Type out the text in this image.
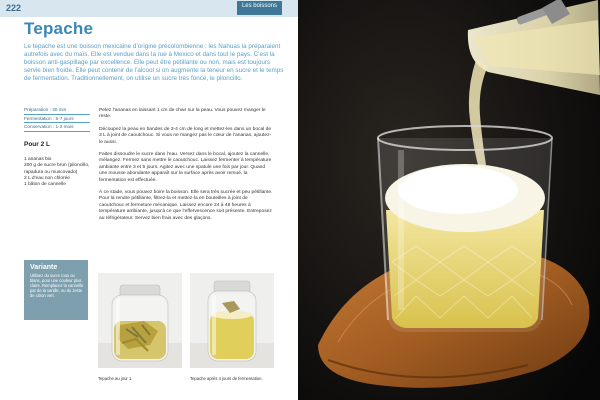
222	Les boissons
Tepache

Le tepache est une boisson mexicaine d’origine précolombienne : les Nahuas la préparaient autrefois avec du maïs. Elle est vendue dans la rue à Mexico et dans tout le pays. C’est la boisson anti-gaspillage par excellence. Elle peut être pétillante ou non, mais est toujours servie bien froide. Elle peut contenir de l’alcool si on augmente la teneur en sucre et le temps de fermentation. Traditionnellement, on utilise un sucre très foncé, le piloncillo.

Préparation : 30 min
Fermentation : 5-7 jours
Conservation : 1-2 mois
Pour 2 L
1 ananas bio
200 g de sucre brun (piloncillo, rapadura ou muscovado)
2 L d’eau non chlorée
1 bâton de cannelle

Pelez l’ananas en laissant 1 cm de chair sur la peau. Vous pouvez manger le reste.

Découpez la peau en bandes de 3-4 cm de long et mettez-les dans un bocal de 3 L à joint de caoutchouc. Si vous ne mangez pas le cœur de l’ananas, ajoutez-le aussi.

Faites dissoudre le sucre dans l’eau. Versez dans le bocal, ajoutez la cannelle, mélangez. Fermez sans mettre le caoutchouc. Laissez fermenter à température ambiante entre 3 et 5 jours. Agitez avec une spatule une fois par jour. Quand une mousse abondante apparaît sur la surface après avoir remué, la fermentation est effectuée.

À ce stade, vous pouvez boire la boisson. Elle sera très sucrée et peu pétillante. Pour la rendre pétillante, filtrez-la et mettez-la en bouteilles à joint de caoutchouc et fermeture mécanique. Laissez encore 24 à 48 heures à température ambiante, jusqu’à ce que l’effervescence soit présente. Entreposez au réfrigérateur. Servez bien frais avec des glaçons.

Variante
Utilisez du sucre roux ou blanc, pour une couleur plus claire. Remplacez la cannelle par de la vanille, ou du zeste de citron vert.
Tepache au jour 1.	Tepache après 4 jours de fermentation.
